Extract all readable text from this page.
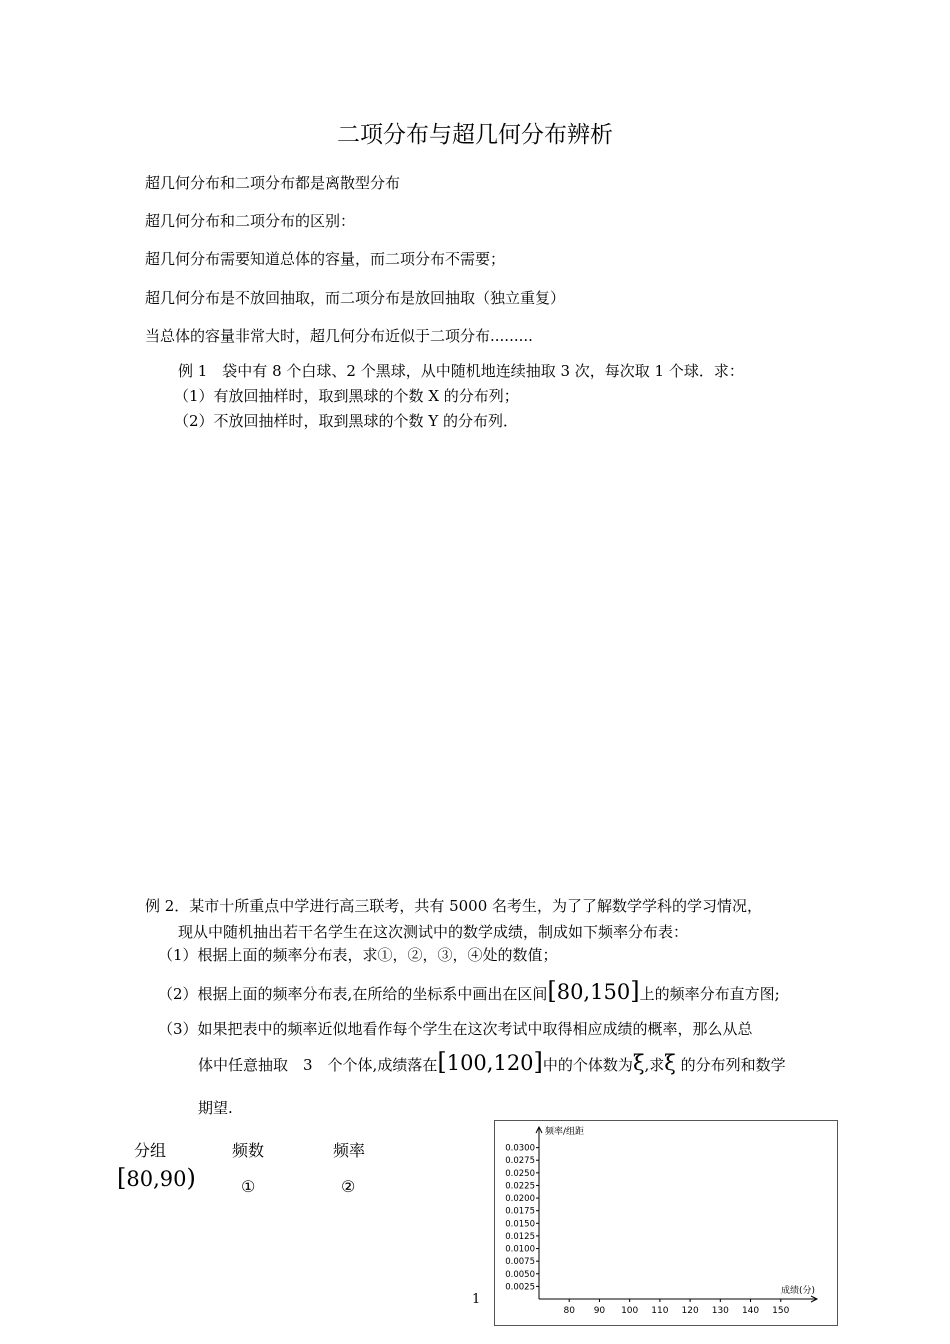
二项分布与超几何分布辨析
超几何分布和二项分布都是离散型分布
超几何分布和二项分布的区别：
超几何分布需要知道总体的容量，而二项分布不需要；
超几何分布是不放回抽取，而二项分布是放回抽取（独立重复）
当总体的容量非常大时，超几何分布近似于二项分布.........
例 1　袋中有 8 个白球、2 个黑球，从中随机地连续抽取 3 次，每次取 1 个球．求：
（1）有放回抽样时，取到黑球的个数 X 的分布列；
（2）不放回抽样时，取到黑球的个数 Y 的分布列．
例 2．某市十所重点中学进行高三联考，共有 5000 名考生，为了了解数学学科的学习情况，
现从中随机抽出若干名学生在这次测试中的数学成绩，制成如下频率分布表：
（1）根据上面的频率分布表，求①，②，③，④处的数值；
（2）根据上面的频率分布表,在所给的坐标系中画出在区间[80,150]上的频率分布直方图;
（3）如果把表中的频率近似地看作每个学生在这次考试中取得相应成绩的概率，那么从总
体中任意抽取　3　个个体,成绩落在[100,120]中的个体数为ξ,求ξ 的分布列和数学
期望.
分组	频数	频率
[80,90)	①	②
频率/组距
成绩(分)
0.0025
0.0050
0.0075
0.0100
0.0125
0.0150
0.0175
0.0200
0.0225
0.0250
0.0275
0.0300
80 90 100 110 120 130 140 150
1
